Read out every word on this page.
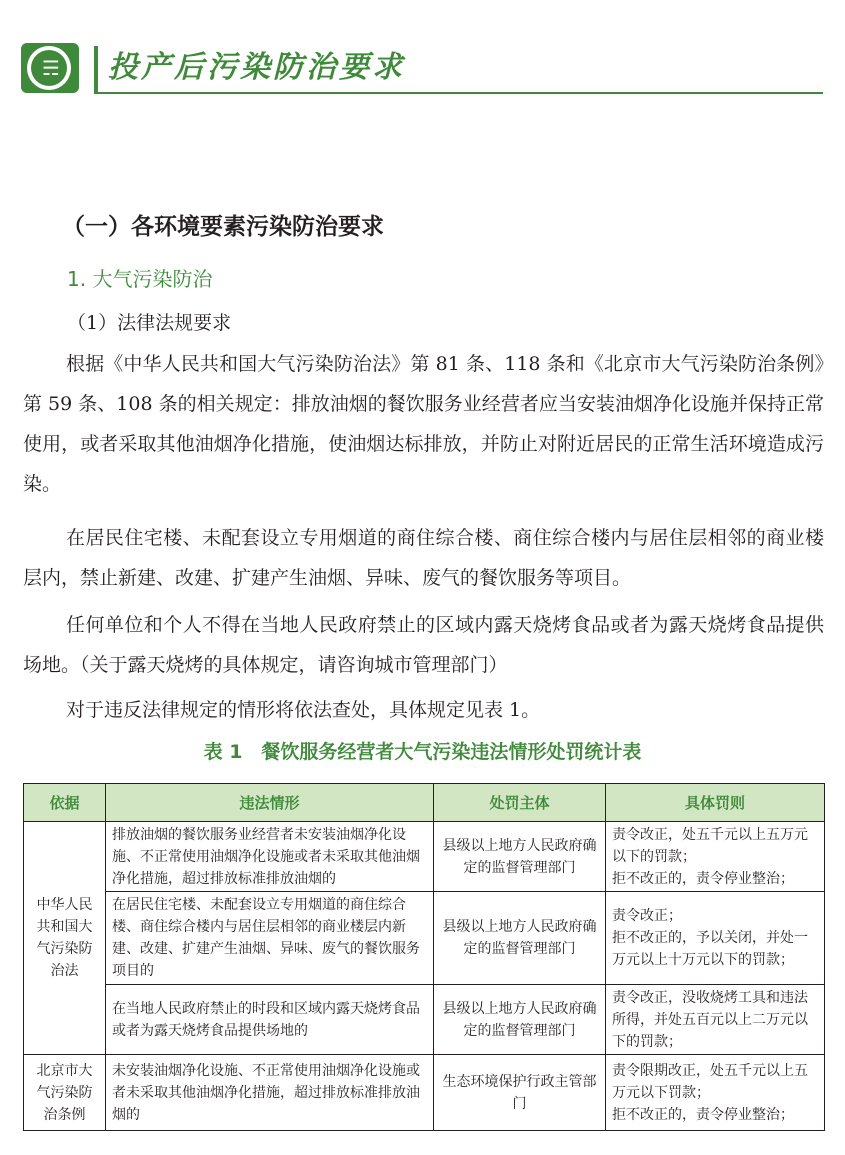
☴ 投产后污染防治要求
（一）各环境要素污染防治要求
1. 大气污染防治
（1）法律法规要求

根据《中华人民共和国大气污染防治法》第 81 条、118 条和《北京市大气污染防治条例》第 59 条、108 条的相关规定：排放油烟的餐饮服务业经营者应当安装油烟净化设施并保持正常使用，或者采取其他油烟净化措施，使油烟达标排放，并防止对附近居民的正常生活环境造成污染。

在居民住宅楼、未配套设立专用烟道的商住综合楼、商住综合楼内与居住层相邻的商业楼层内，禁止新建、改建、扩建产生油烟、异味、废气的餐饮服务等项目。

任何单位和个人不得在当地人民政府禁止的区域内露天烧烤食品或者为露天烧烤食品提供场地。（关于露天烧烤的具体规定，请咨询城市管理部门）

对于违反法律规定的情形将依法查处，具体规定见表 1。

表 1　餐饮服务经营者大气污染违法情形处罚统计表
依据	违法情形	处罚主体	具体罚则
中华人民共和国大气污染防治法	排放油烟的餐饮服务业经营者未安装油烟净化设施、不正常使用油烟净化设施或者未采取其他油烟净化措施，超过排放标准排放油烟的	县级以上地方人民政府确定的监督管理部门	责令改正，处五千元以上五万元以下的罚款；
拒不改正的，责令停业整治；
	在居民住宅楼、未配套设立专用烟道的商住综合楼、商住综合楼内与居住层相邻的商业楼层内新建、改建、扩建产生油烟、异味、废气的餐饮服务项目的	县级以上地方人民政府确定的监督管理部门	责令改正；
拒不改正的，予以关闭，并处一万元以上十万元以下的罚款；
	在当地人民政府禁止的时段和区域内露天烧烤食品或者为露天烧烤食品提供场地的	县级以上地方人民政府确定的监督管理部门	责令改正，没收烧烤工具和违法所得，并处五百元以上二万元以下的罚款；
北京市大气污染防治条例	未安装油烟净化设施、不正常使用油烟净化设施或者未采取其他油烟净化措施，超过排放标准排放油烟的	生态环境保护行政主管部门	责令限期改正，处五千元以上五万元以下罚款；
拒不改正的，责令停业整治；
